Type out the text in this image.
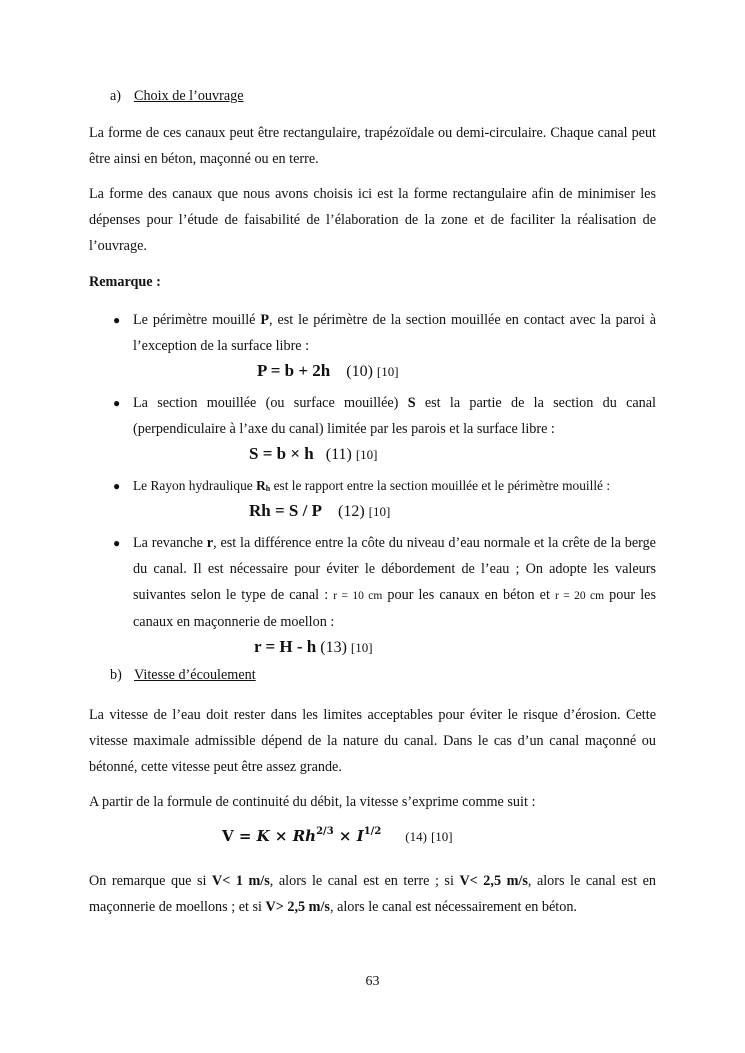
a) Choix de l’ouvrage
La forme de ces canaux peut être rectangulaire, trapézoïdale ou demi-circulaire. Chaque canal peut être ainsi en béton, maçonné ou en terre.
La forme des canaux que nous avons choisis ici est la forme rectangulaire afin de minimiser les dépenses pour l’étude de faisabilité de l’élaboration de la zone et de faciliter la réalisation de l’ouvrage.
Remarque :
● Le périmètre mouillé P, est le périmètre de la section mouillée en contact avec la paroi à l’exception de la surface libre :
P = b + 2h (10) [10]
● La section mouillée (ou surface mouillée) S est la partie de la section du canal (perpendiculaire à l’axe du canal) limitée par les parois et la surface libre :
S = b × h (11) [10]
● Le Rayon hydraulique Rh est le rapport entre la section mouillée et le périmètre mouillé :
Rh = S / P (12) [10]
● La revanche r, est la différence entre la côte du niveau d’eau normale et la crête de la berge du canal. Il est nécessaire pour éviter le débordement de l’eau ; On adopte les valeurs suivantes selon le type de canal : r = 10 cm pour les canaux en béton et r = 20 cm pour les canaux en maçonnerie de moellon :
r = H - h (13) [10]
b) Vitesse d’écoulement
La vitesse de l’eau doit rester dans les limites acceptables pour éviter le risque d’érosion. Cette vitesse maximale admissible dépend de la nature du canal. Dans le cas d’un canal maçonné ou bétonné, cette vitesse peut être assez grande.
A partir de la formule de continuité du débit, la vitesse s’exprime comme suit :
$V = K \times Rh^{2/3} \times I^{1/2}$ (14) [10]
On remarque que si V< 1 m/s, alors le canal est en terre ; si V< 2,5 m/s, alors le canal est en maçonnerie de moellons ; et si V> 2,5 m/s, alors le canal est nécessairement en béton.
63
